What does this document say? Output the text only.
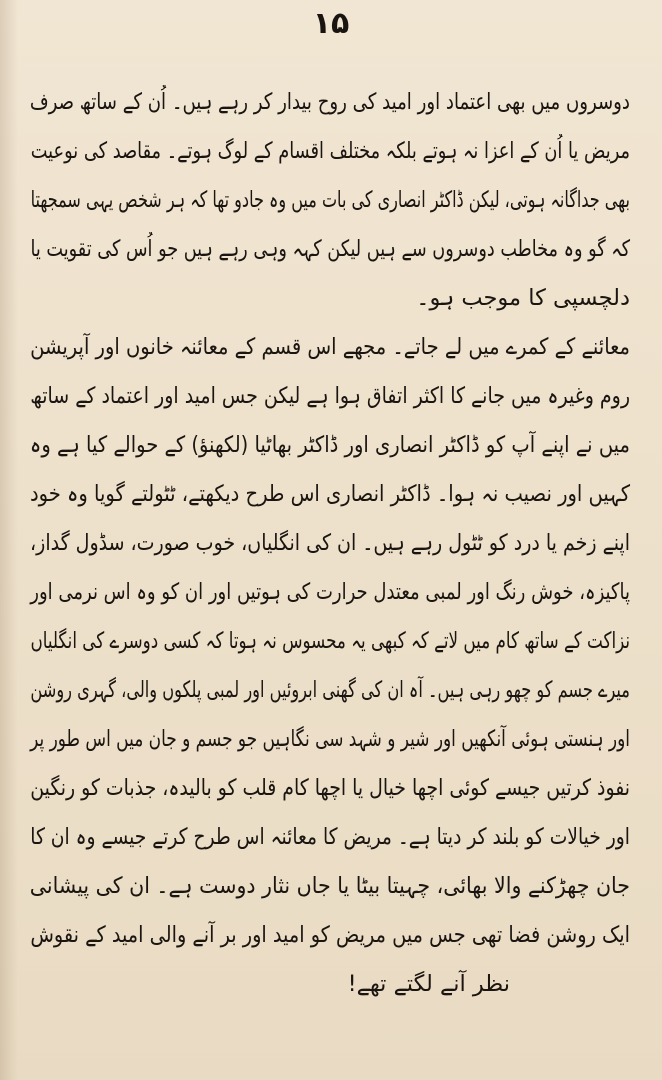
۱۵

دوسروں میں بھی اعتماد اور امید کی روح بیدار کر رہے ہیں۔ اُن کے ساتھ صرف
مریض یا اُن کے اعزا نہ ہوتے بلکہ مختلف اقسام کے لوگ ہوتے۔ مقاصد کی نوعیت
بھی جداگانہ ہوتی، لیکن ڈاکٹر انصاری کی بات میں وہ جادو تھا کہ ہر شخص یہی سمجھتا
کہ گو وہ مخاطب دوسروں سے ہیں لیکن کہہ وہی رہے ہیں جو اُس کی تقویت یا
دلچسپی کا موجب ہو۔

معائنے کے کمرے میں لے جاتے۔ مجھے اس قسم کے معائنہ خانوں اور آپریشن
روم وغیرہ میں جانے کا اکثر اتفاق ہوا ہے لیکن جس امید اور اعتماد کے ساتھ
میں نے اپنے آپ کو ڈاکٹر انصاری اور ڈاکٹر بھاٹیا (لکھنؤ) کے حوالے کیا ہے وہ
کہیں اور نصیب نہ ہوا۔ ڈاکٹر انصاری اس طرح دیکھتے، ٹٹولتے گویا وہ خود
اپنے زخم یا درد کو ٹٹول رہے ہیں۔ ان کی انگلیاں، خوب صورت، سڈول گداز،
پاکیزہ، خوش رنگ اور لمبی معتدل حرارت کی ہوتیں اور ان کو وہ اس نرمی اور
نزاکت کے ساتھ کام میں لاتے کہ کبھی یہ محسوس نہ ہوتا کہ کسی دوسرے کی انگلیاں
میرے جسم کو چھو رہی ہیں۔ آہ ان کی گھنی ابروئیں اور لمبی پلکوں والی، گہری روشن
اور ہنستی ہوئی آنکھیں اور شیر و شہد سی نگاہیں جو جسم و جان میں اس طور پر
نفوذ کرتیں جیسے کوئی اچھا خیال یا اچھا کام قلب کو بالیدہ، جذبات کو رنگین
اور خیالات کو بلند کر دیتا ہے۔ مریض کا معائنہ اس طرح کرتے جیسے وہ ان کا
جان چھڑکنے والا بھائی، چہیتا بیٹا یا جاں نثار دوست ہے۔ ان کی پیشانی
ایک روشن فضا تھی جس میں مریض کو امید اور بر آنے والی امید کے نقوش
نظر آنے لگتے تھے!
